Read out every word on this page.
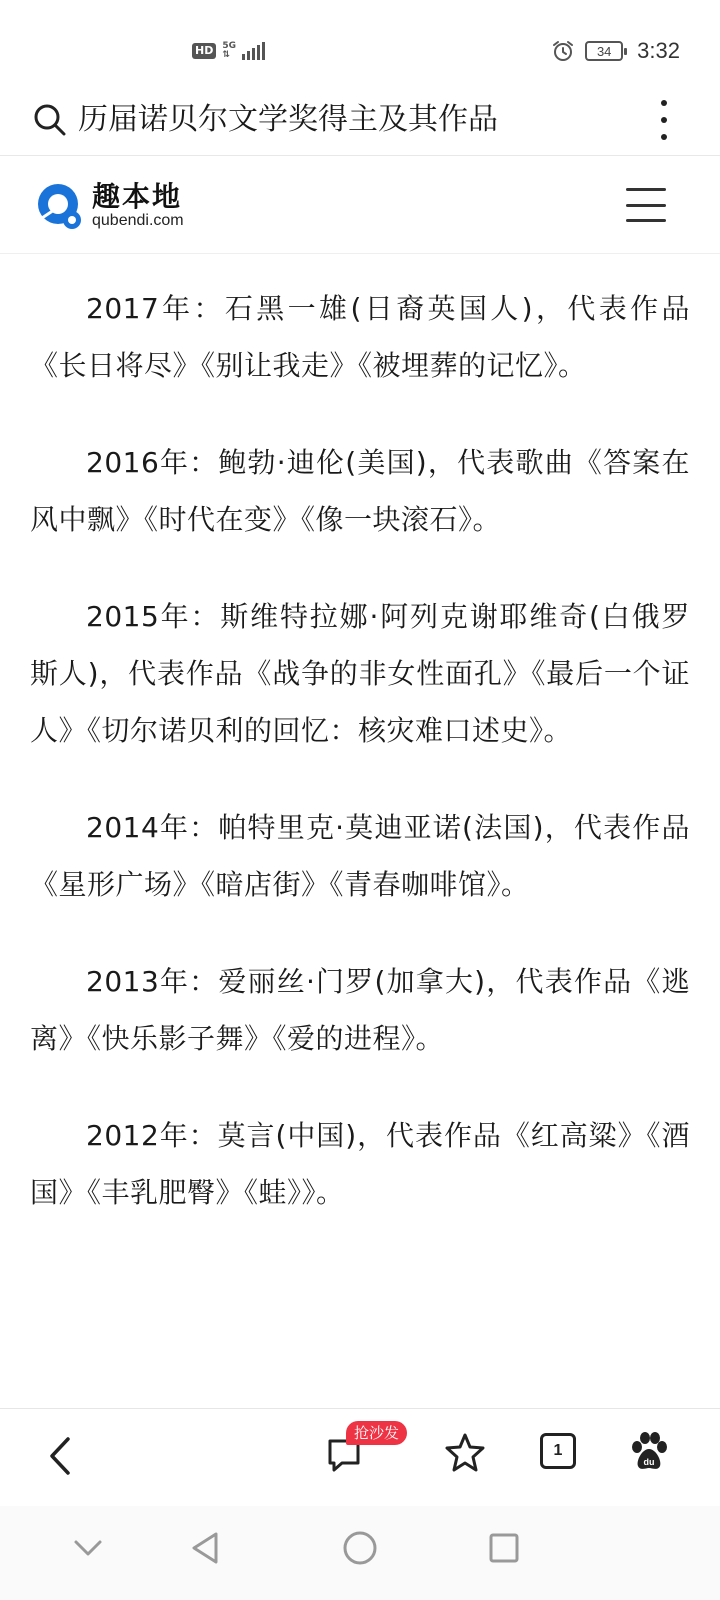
HD	5G
⇅	34	3:32
历届诺贝尔文学奖得主及其作品
趣本地
qubendi.com

2017年：石黑一雄(日裔英国人)，代表作品《长日将尽》《别让我走》《被埋葬的记忆》。

2016年：鲍勃·迪伦(美国)，代表歌曲《答案在风中飘》《时代在变》《像一块滚石》。

2015年：斯维特拉娜·阿列克谢耶维奇(白俄罗斯人)，代表作品《战争的非女性面孔》《最后一个证人》《切尔诺贝利的回忆：核灾难口述史》。

2014年：帕特里克·莫迪亚诺(法国)，代表作品《星形广场》《暗店街》《青春咖啡馆》。

2013年：爱丽丝·门罗(加拿大)，代表作品《逃离》《快乐影子舞》《爱的进程》。

2012年：莫言(中国)，代表作品《红高粱》《酒国》《丰乳肥臀》《蛙》》。

抢沙发
1
du
